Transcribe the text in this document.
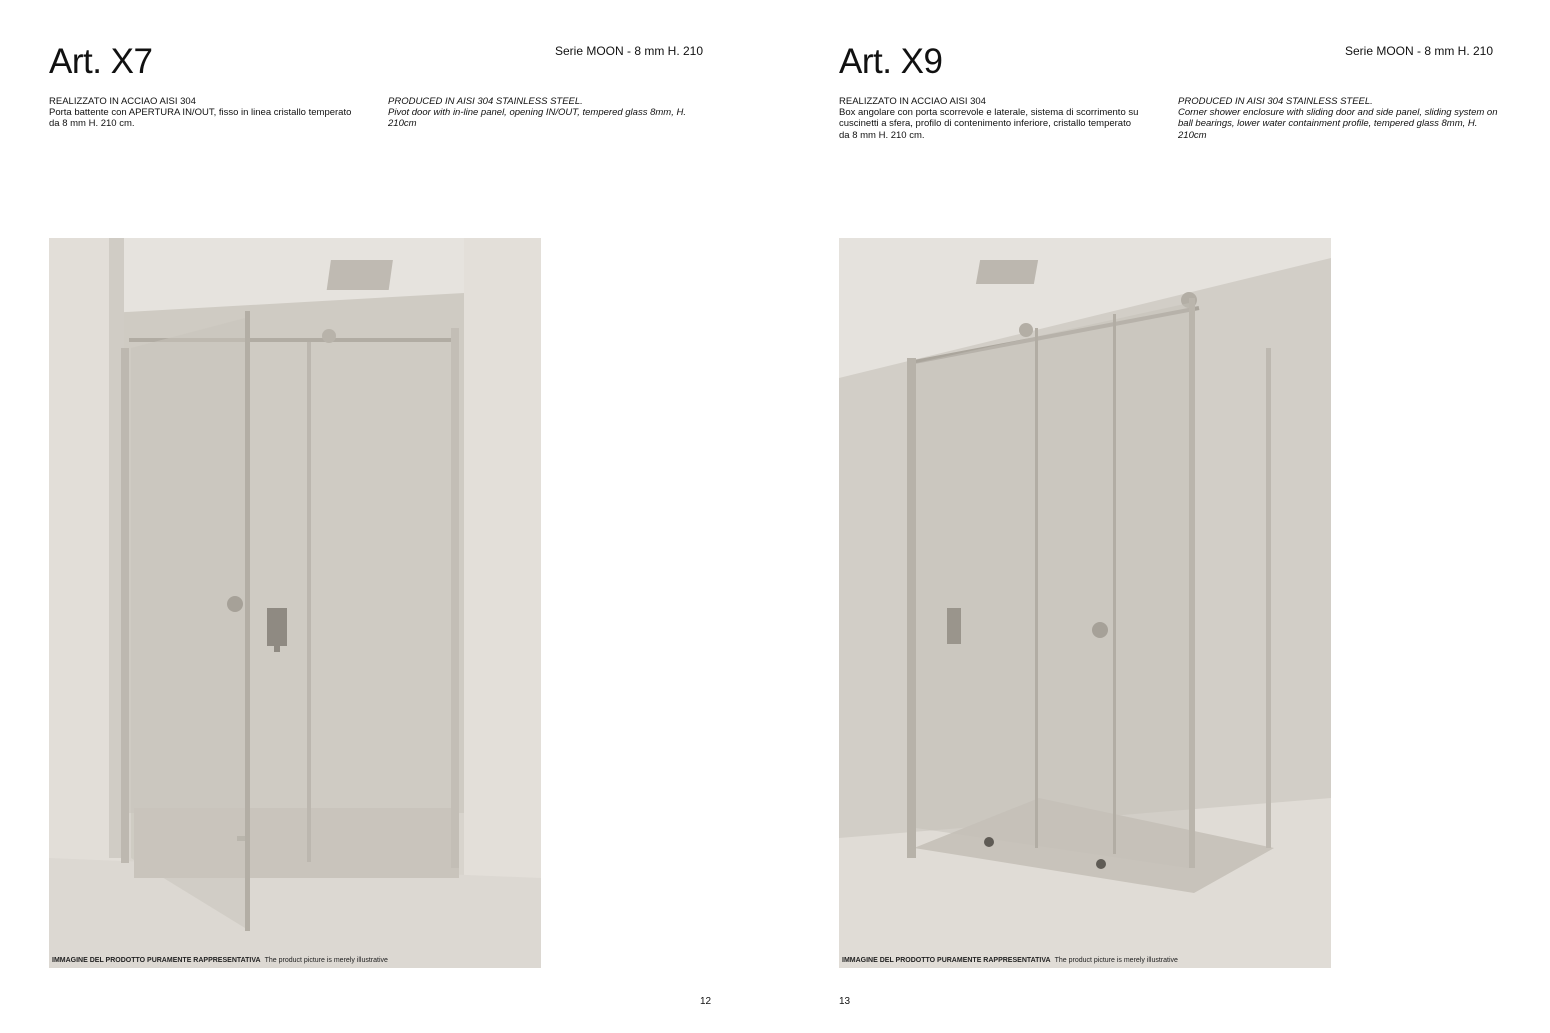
Art. X7	Serie MOON - 8 mm H. 210
REALIZZATO IN ACCIAO AISI 304
Porta battente con APERTURA IN/OUT, fisso in linea cristallo temperato da 8 mm H. 210 cm.
PRODUCED IN AISI 304 STAINLESS STEEL.
Pivot door with in-line panel, opening IN/OUT, tempered glass 8mm, H. 210cm
IMMAGINE DEL PRODOTTO PURAMENTE RAPPRESENTATIVA The product picture is merely illustrative
12
Art. X9	Serie MOON - 8 mm H. 210
REALIZZATO IN ACCIAO AISI 304
Box angolare con porta scorrevole e laterale, sistema di scorrimento su cuscinetti a sfera, profilo di contenimento inferiore, cristallo temperato da 8 mm H. 210 cm.
PRODUCED IN AISI 304 STAINLESS STEEL.
Corner shower enclosure with sliding door and side panel, sliding system on ball bearings, lower water containment profile, tempered glass 8mm, H. 210cm
IMMAGINE DEL PRODOTTO PURAMENTE RAPPRESENTATIVA The product picture is merely illustrative
13
